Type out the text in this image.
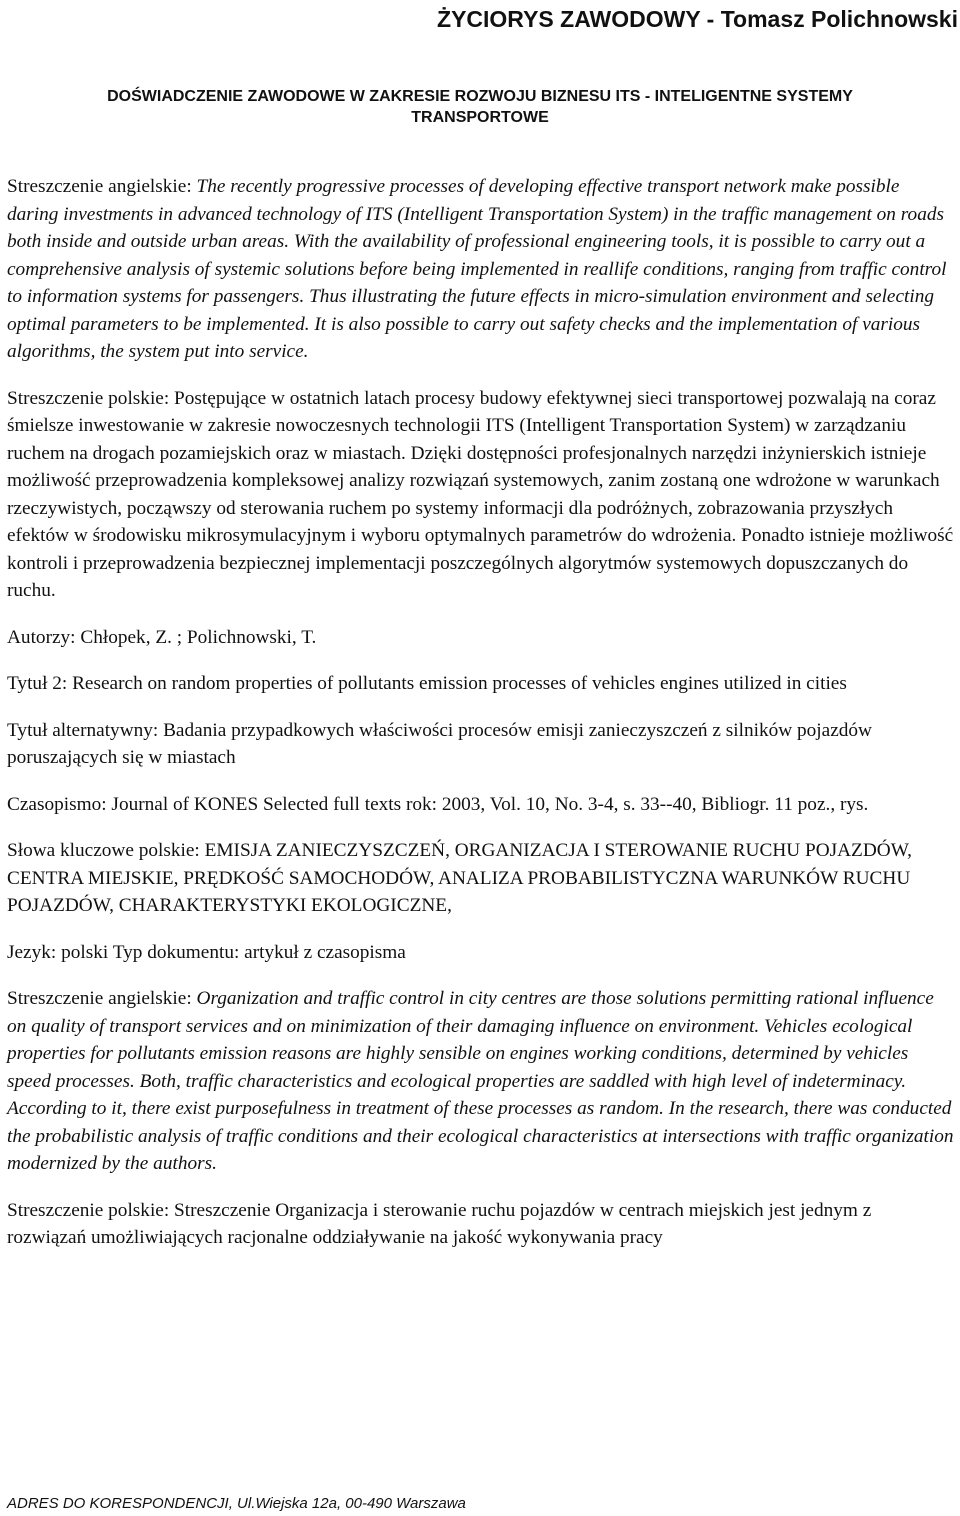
ŻYCIORYS ZAWODOWY - Tomasz Polichnowski
DOŚWIADCZENIE ZAWODOWE W ZAKRESIE ROZWOJU BIZNESU ITS - INTELIGENTNE SYSTEMY TRANSPORTOWE

Streszczenie angielskie: The recently progressive processes of developing effective transport network make possible daring investments in advanced technology of ITS (Intelligent Transportation System) in the traffic management on roads both inside and outside urban areas. With the availability of professional engineering tools, it is possible to carry out a comprehensive analysis of systemic solutions before being implemented in reallife conditions, ranging from traffic control to information systems for passengers. Thus illustrating the future effects in micro-simulation environment and selecting optimal parameters to be implemented. It is also possible to carry out safety checks and the implementation of various algorithms, the system put into service.

Streszczenie polskie: Postępujące w ostatnich latach procesy budowy efektywnej sieci transportowej pozwalają na coraz śmielsze inwestowanie w zakresie nowoczesnych technologii ITS (Intelligent Transportation System) w zarządzaniu ruchem na drogach pozamiejskich oraz w miastach. Dzięki dostępności profesjonalnych narzędzi inżynierskich istnieje możliwość przeprowadzenia kompleksowej analizy rozwiązań systemowych, zanim zostaną one wdrożone w warunkach rzeczywistych, począwszy od sterowania ruchem po systemy informacji dla podróżnych, zobrazowania przyszłych efektów w środowisku mikrosymulacyjnym i wyboru optymalnych parametrów do wdrożenia. Ponadto istnieje możliwość kontroli i przeprowadzenia bezpiecznej implementacji poszczególnych algorytmów systemowych dopuszczanych do ruchu.

Autorzy: Chłopek, Z. ; Polichnowski, T.

Tytuł 2: Research on random properties of pollutants emission processes of vehicles engines utilized in cities

Tytuł alternatywny: Badania przypadkowych właściwości procesów emisji zanieczyszczeń z silników pojazdów poruszających się w miastach

Czasopismo: Journal of KONES Selected full texts rok: 2003, Vol. 10, No. 3-4, s. 33--40, Bibliogr. 11 poz., rys.

Słowa kluczowe polskie: EMISJA ZANIECZYSZCZEŃ, ORGANIZACJA I STEROWANIE RUCHU POJAZDÓW, CENTRA MIEJSKIE, PRĘDKOŚĆ SAMOCHODÓW, ANALIZA PROBABILISTYCZNA WARUNKÓW RUCHU POJAZDÓW, CHARAKTERYSTYKI EKOLOGICZNE,

Jezyk: polski Typ dokumentu: artykuł z czasopisma

Streszczenie angielskie: Organization and traffic control in city centres are those solutions permitting rational influence on quality of transport services and on minimization of their damaging influence on environment. Vehicles ecological properties for pollutants emission reasons are highly sensible on engines working conditions, determined by vehicles speed processes. Both, traffic characteristics and ecological properties are saddled with high level of indeterminacy. According to it, there exist purposefulness in treatment of these processes as random. In the research, there was conducted the probabilistic analysis of traffic conditions and their ecological characteristics at intersections with traffic organization modernized by the authors.

Streszczenie polskie: Streszczenie Organizacja i sterowanie ruchu pojazdów w centrach miejskich jest jednym z rozwiązań umożliwiających racjonalne oddziaływanie na jakość wykonywania pracy

ADRES DO KORESPONDENCJI, Ul.Wiejska 12a, 00-490 Warszawa
